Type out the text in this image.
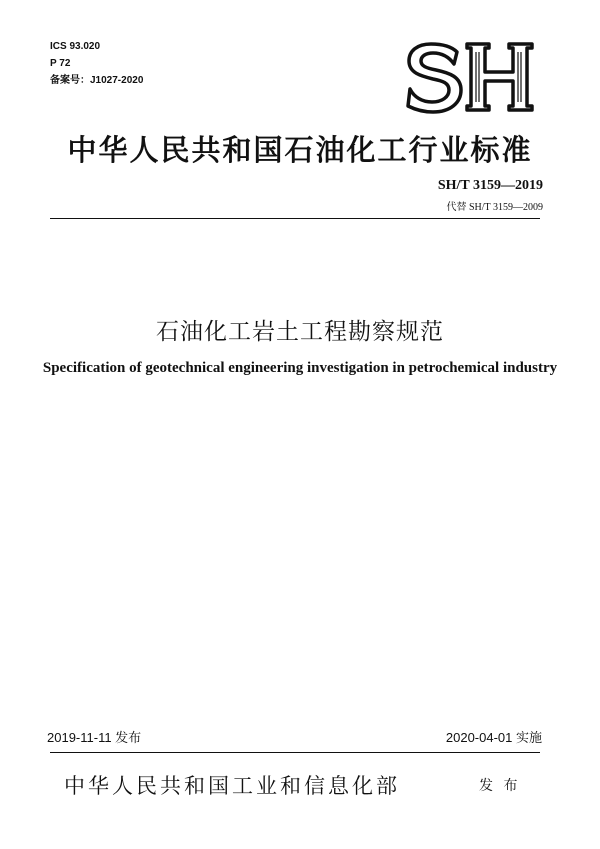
ICS 93.020
P 72
备案号：J1027-2020
中华人民共和国石油化工行业标准
SH/T 3159—2019
代替 SH/T 3159—2009
石油化工岩土工程勘察规范
Specification of geotechnical engineering investigation in petrochemical industry
2019-11-11 发布	2020-04-01 实施
中华人民共和国工业和信息化部	发 布
